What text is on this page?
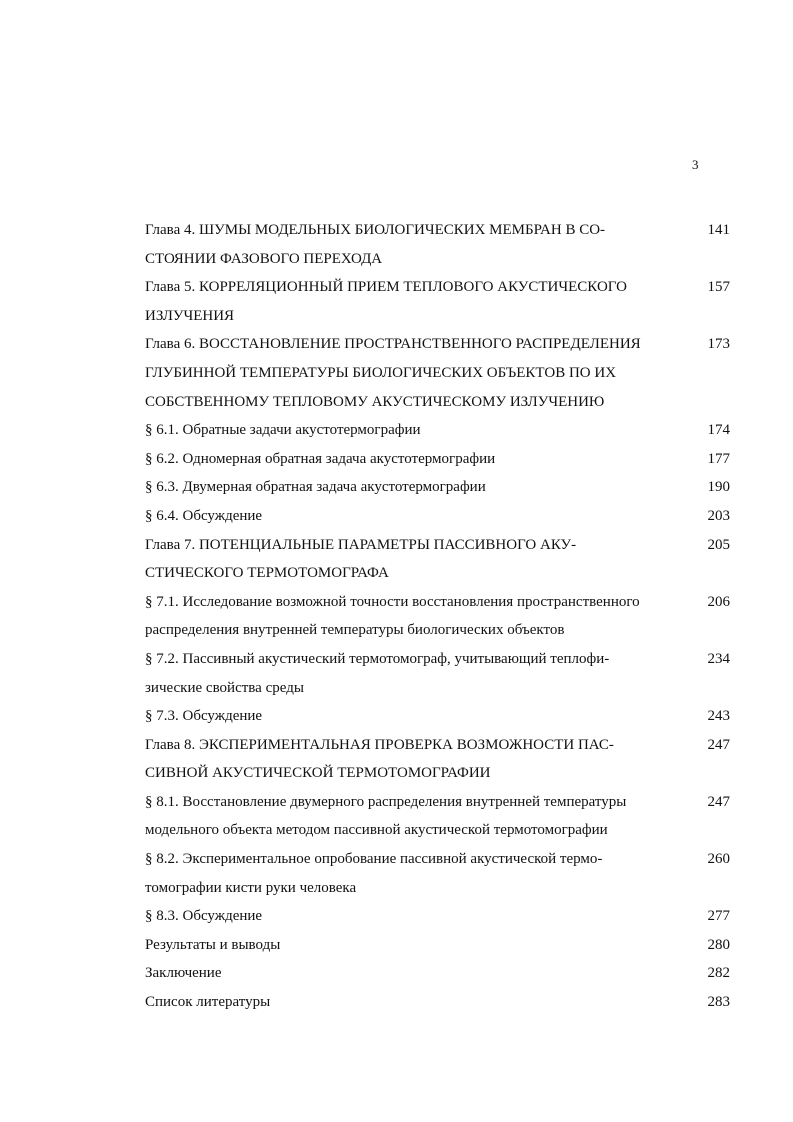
3
Глава 4. ШУМЫ МОДЕЛЬНЫХ БИОЛОГИЧЕСКИХ МЕМБРАН В СО-
СТОЯНИИ ФАЗОВОГО ПЕРЕХОДА
141
Глава 5. КОРРЕЛЯЦИОННЫЙ ПРИЕМ ТЕПЛОВОГО АКУСТИЧЕСКОГО
ИЗЛУЧЕНИЯ
157
Глава 6. ВОССТАНОВЛЕНИЕ ПРОСТРАНСТВЕННОГО РАСПРЕДЕЛЕНИЯ
ГЛУБИННОЙ ТЕМПЕРАТУРЫ БИОЛОГИЧЕСКИХ ОБЪЕКТОВ ПО ИХ
СОБСТВЕННОМУ ТЕПЛОВОМУ АКУСТИЧЕСКОМУ ИЗЛУЧЕНИЮ
173
§ 6.1. Обратные задачи акустотермографии	174
§ 6.2. Одномерная обратная задача акустотермографии	177
§ 6.3. Двумерная обратная задача акустотермографии	190
§ 6.4. Обсуждение	203
Глава 7. ПОТЕНЦИАЛЬНЫЕ ПАРАМЕТРЫ ПАССИВНОГО АКУ-
СТИЧЕСКОГО ТЕРМОТОМОГРАФА
205
§ 7.1. Исследование возможной точности восстановления пространственного
распределения внутренней температуры биологических объектов
206
§ 7.2. Пассивный акустический термотомограф, учитывающий теплофи-
зические свойства среды
234
§ 7.3. Обсуждение	243
Глава 8. ЭКСПЕРИМЕНТАЛЬНАЯ ПРОВЕРКА ВОЗМОЖНОСТИ ПАС-
СИВНОЙ АКУСТИЧЕСКОЙ ТЕРМОТОМОГРАФИИ
247
§ 8.1. Восстановление двумерного распределения внутренней температуры
модельного объекта методом пассивной акустической термотомографии
247
§ 8.2. Экспериментальное опробование пассивной акустической термо-
томографии кисти руки человека
260
§ 8.3. Обсуждение	277
Результаты и выводы	280
Заключение	282
Список литературы	283
